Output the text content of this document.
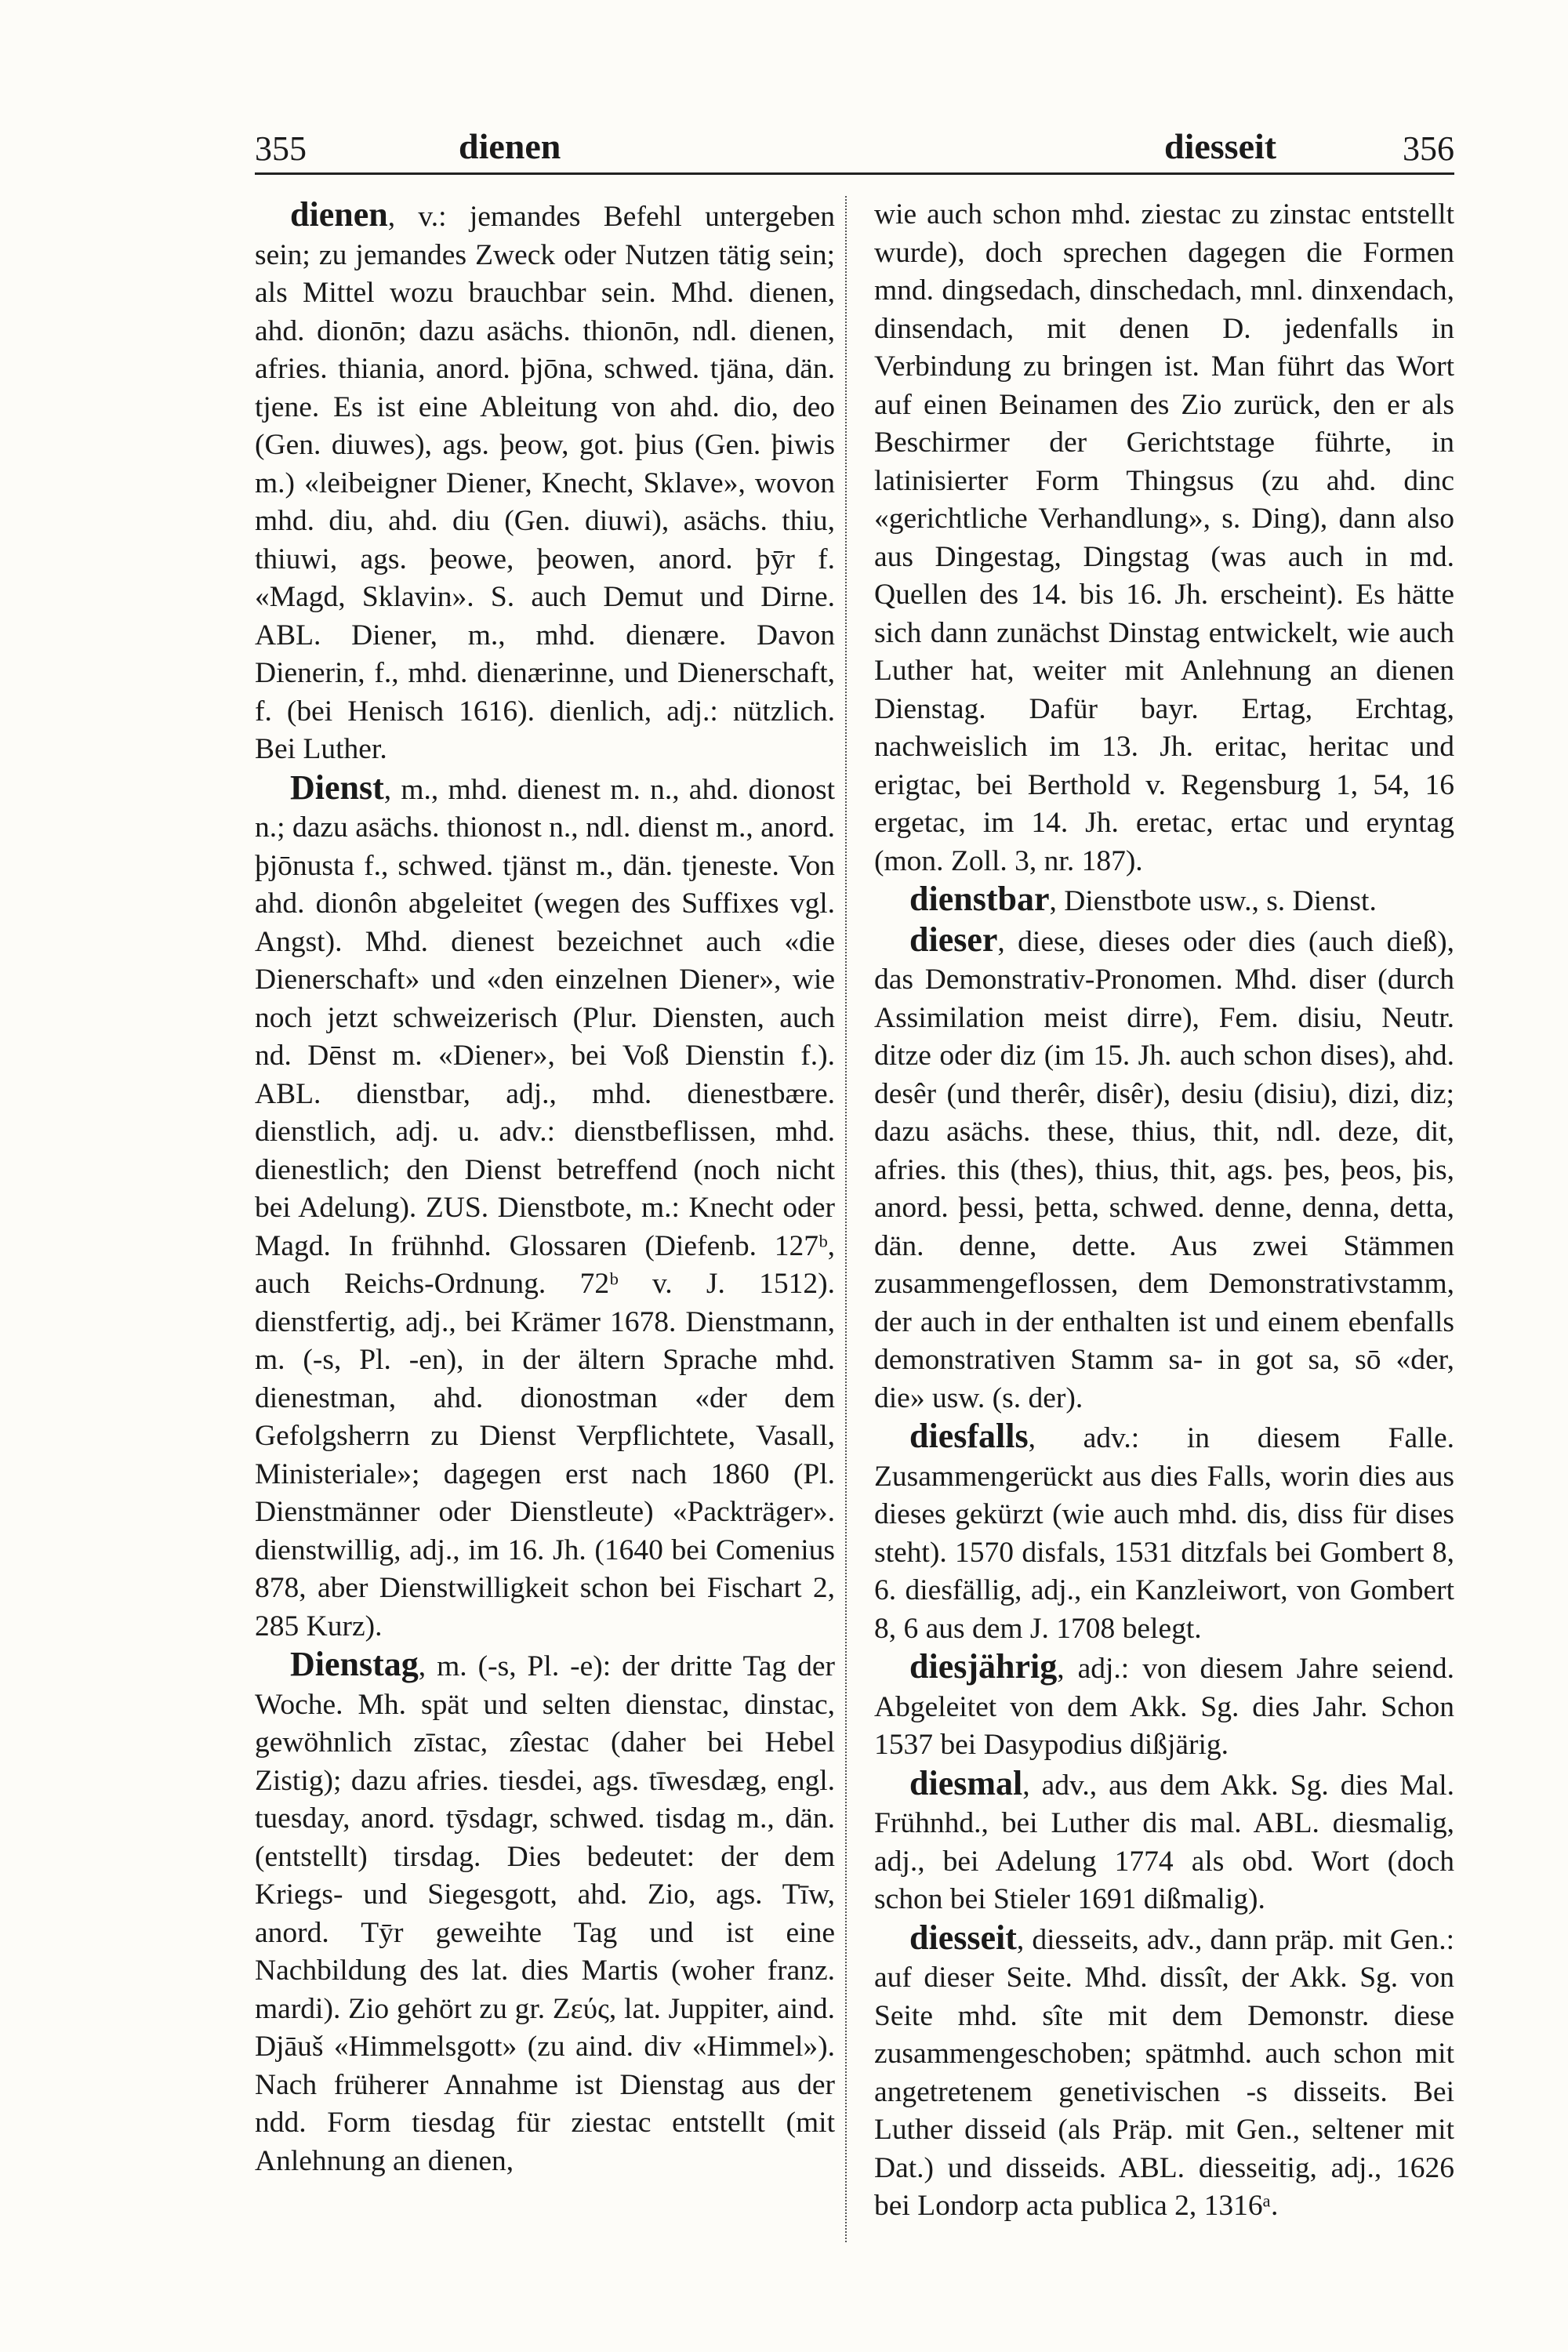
355	dienen	diesseit	356

dienen, v.: jemandes Befehl untergeben sein; zu jemandes Zweck oder Nutzen tätig sein; als Mittel wozu brauchbar sein. Mhd. dienen, ahd. dionōn; dazu asächs. thionōn, ndl. dienen, afries. thiania, anord. þjōna, schwed. tjäna, dän. tjene. Es ist eine Ableitung von ahd. dio, deo (Gen. diuwes), ags. þeow, got. þius (Gen. þiwis m.) «leibeigner Diener, Knecht, Sklave», wovon mhd. diu, ahd. diu (Gen. diuwi), asächs. thiu, thiuwi, ags. þeowe, þeowen, anord. þȳr f. «Magd, Sklavin». S. auch Demut und Dirne. ABL. Diener, m., mhd. dienære. Davon Dienerin, f., mhd. dienærinne, und Dienerschaft, f. (bei Henisch 1616). dienlich, adj.: nützlich. Bei Luther.

Dienst, m., mhd. dienest m. n., ahd. dionost n.; dazu asächs. thionost n., ndl. dienst m., anord. þjōnusta f., schwed. tjänst m., dän. tjeneste. Von ahd. dionôn abgeleitet (wegen des Suffixes vgl. Angst). Mhd. dienest bezeichnet auch «die Dienerschaft» und «den einzelnen Diener», wie noch jetzt schweizerisch (Plur. Diensten, auch nd. Dēnst m. «Diener», bei Voß Dienstin f.). ABL. dienstbar, adj., mhd. dienestbære. dienstlich, adj. u. adv.: dienstbeflissen, mhd. dienestlich; den Dienst betreffend (noch nicht bei Adelung). ZUS. Dienstbote, m.: Knecht oder Magd. In frühnhd. Glossaren (Diefenb. 127ᵇ, auch Reichs-Ordnung. 72ᵇ v. J. 1512). dienstfertig, adj., bei Krämer 1678. Dienstmann, m. (-s, Pl. -en), in der ältern Sprache mhd. dienestman, ahd. dionostman «der dem Gefolgsherrn zu Dienst Verpflichtete, Vasall, Ministeriale»; dagegen erst nach 1860 (Pl. Dienstmänner oder Dienstleute) «Packträger». dienstwillig, adj., im 16. Jh. (1640 bei Comenius 878, aber Dienstwilligkeit schon bei Fischart 2, 285 Kurz).

Dienstag, m. (-s, Pl. -e): der dritte Tag der Woche. Mh. spät und selten dienstac, dinstac, gewöhnlich zīstac, zîestac (daher bei Hebel Zistig); dazu afries. tiesdei, ags. tīwesdæg, engl. tuesday, anord. tȳsdagr, schwed. tisdag m., dän. (entstellt) tirsdag. Dies bedeutet: der dem Kriegs- und Siegesgott, ahd. Zio, ags. Tīw, anord. Tȳr geweihte Tag und ist eine Nachbildung des lat. dies Martis (woher franz. mardi). Zio gehört zu gr. Ζεύς, lat. Juppiter, aind. Djāuš «Himmelsgott» (zu aind. div «Himmel»). Nach früherer Annahme ist Dienstag aus der ndd. Form tiesdag für ziestac entstellt (mit Anlehnung an dienen,

wie auch schon mhd. ziestac zu zinstac entstellt wurde), doch sprechen dagegen die Formen mnd. dingsedach, dinschedach, mnl. dinxendach, dinsendach, mit denen D. jedenfalls in Verbindung zu bringen ist. Man führt das Wort auf einen Beinamen des Zio zurück, den er als Beschirmer der Gerichtstage führte, in latinisierter Form Thingsus (zu ahd. dinc «gerichtliche Verhandlung», s. Ding), dann also aus Dingestag, Dingstag (was auch in md. Quellen des 14. bis 16. Jh. erscheint). Es hätte sich dann zunächst Dinstag entwickelt, wie auch Luther hat, weiter mit Anlehnung an dienen Dienstag. Dafür bayr. Ertag, Erchtag, nachweislich im 13. Jh. eritac, heritac und erigtac, bei Berthold v. Regensburg 1, 54, 16 ergetac, im 14. Jh. eretac, ertac und eryntag (mon. Zoll. 3, nr. 187).

dienstbar, Dienstbote usw., s. Dienst.

dieser, diese, dieses oder dies (auch dieß), das Demonstrativ-Pronomen. Mhd. diser (durch Assimilation meist dirre), Fem. disiu, Neutr. ditze oder diz (im 15. Jh. auch schon dises), ahd. desêr (und therêr, disêr), desiu (disiu), dizi, diz; dazu asächs. these, thius, thit, ndl. deze, dit, afries. this (thes), thius, thit, ags. þes, þeos, þis, anord. þessi, þetta, schwed. denne, denna, detta, dän. denne, dette. Aus zwei Stämmen zusammengeflossen, dem Demonstrativstamm, der auch in der enthalten ist und einem ebenfalls demonstrativen Stamm sa- in got sa, sō «der, die» usw. (s. der).

diesfalls, adv.: in diesem Falle. Zusammengerückt aus dies Falls, worin dies aus dieses gekürzt (wie auch mhd. dis, diss für dises steht). 1570 disfals, 1531 ditzfals bei Gombert 8, 6. diesfällig, adj., ein Kanzleiwort, von Gombert 8, 6 aus dem J. 1708 belegt.

diesjährig, adj.: von diesem Jahre seiend. Abgeleitet von dem Akk. Sg. dies Jahr. Schon 1537 bei Dasypodius dißjärig.

diesmal, adv., aus dem Akk. Sg. dies Mal. Frühnhd., bei Luther dis mal. ABL. diesmalig, adj., bei Adelung 1774 als obd. Wort (doch schon bei Stieler 1691 dißmalig).

diesseit, diesseits, adv., dann präp. mit Gen.: auf dieser Seite. Mhd. dissît, der Akk. Sg. von Seite mhd. sîte mit dem Demonstr. diese zusammengeschoben; spätmhd. auch schon mit angetretenem genetivischen -s disseits. Bei Luther disseid (als Präp. mit Gen., seltener mit Dat.) und disseids. ABL. diesseitig, adj., 1626 bei Londorp acta publica 2, 1316ᵃ.
